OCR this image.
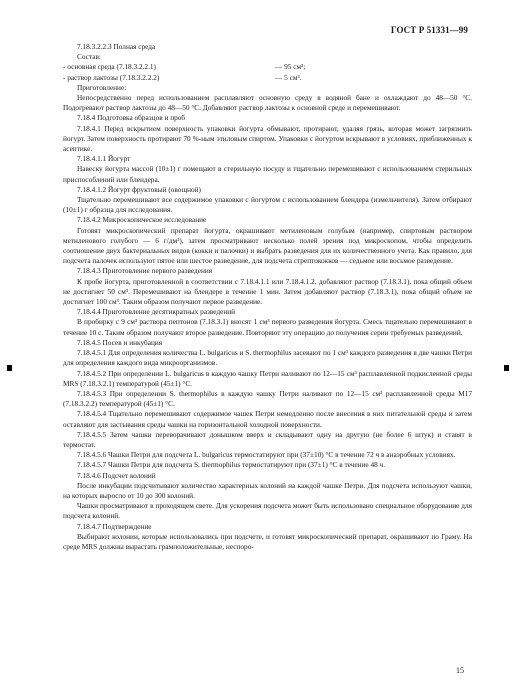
ГОСТ Р 51331—99

7.18.3.2.2.3 Полная среда

Состав:

- основная среда (7.18.3.2.2.1)	— 95 см³;
- раствор лактозы (7.18.3.2.2.2)	— 5 см³.

Приготовление:

Непосредственно перед использованием расплавляют основную среду в водяной бане и охлаждают до 48—50 °С. Подогревают раствор лактозы до 48—50 °С. Добавляют раствор лактозы к основной среде и перемешивают.

7.18.4 Подготовка образцов и проб

7.18.4.1 Перед вскрытием поверхность упаковки йогурта обмывают, протирают, удаляя грязь, которая может загрязнить йогурт. Затем поверхность протирают 70 %-ным этиловым спиртом. Упаковки с йогуртом вскрывают в условиях, приближенных к асептике.

7.18.4.1.1 Йогурт

Навеску йогурта массой (10±1) г помещают в стерильную посуду и тщательно перемешивают с использованием стерильных приспособлений или блендера.

7.18.4.1.2 Йогурт фруктовый (овощной)

Тщательно перемешивают все содержимое упаковки с йогуртом с использованием блендера (измельчителя). Затем отбирают (10±1) г образца для исследования.

7.18.4.2 Микроскопическое исследование

Готовят микроскопический препарат йогурта, окрашивают метиленовым голубым (например, спиртовым раствором метиленового голубого — 6 г/дм³), затем просматривают несколько полей зрения под микроскопом, чтобы определить соотношение двух бактериальных видов (кокки и палочки) и выбрать разведения для их количественного учета. Как правило, для подсчета палочек используют пятое или шестое разведение, для подсчета стрептококков — седьмое или восьмое разведение.

7.18.4.3 Приготовление первого разведения

К пробе йогурта, приготовленной в соответствии с 7.18.4.1.1 или 7.18.4.1.2, добавляют раствор (7.18.3.1), пока общий объем не достигнет 50 см³. Перемешивают на блендере в течение 1 мин. Затем добавляют раствор (7.18.3.1), пока общий объем не достигнет 100 см³. Таким образом получают первое разведение.

7.18.4.4 Приготовление десятикратных разведений

В пробирку с 9 см³ раствора пептонов (7.18.3.1) вносят 1 см³ первого разведения йогурта. Смесь тщательно перемешивают в течение 10 с. Таким образом получают второе разведение. Повторяют эту операцию до получения серии требуемых разведений.

7.18.4.5 Посев и инкубация

7.18.4.5.1 Для определения количества L. bulgaricus и S. thermophilus засевают по 1 см³ каждого разведения в две чашки Петри для определения каждого вида микроорганизмов.

7.18.4.5.2 При определении L. bulgaricus в каждую чашку Петри наливают по 12—15 см³ расплавленной подкисленной среды MRS (7.18.3.2.1) температурой (45±1) °С.

7.18.4.5.3 При определении S. thermophilus в каждую чашку Петри наливают по 12—15 см³ расплавленной среды M17 (7.18.3.2.2) температурой (45±1) °С.

7.18.4.5.4 Тщательно перемешивают содержимое чашек Петри немедленно после внесения в них питательной среды и затем оставляют для застывания среды чашки на горизонтальной холодной поверхности.

7.18.4.5.5 Затем чашки переворачивают донышком вверх и складывают одну на другую (не более 6 штук) и ставят в термостат.

7.18.4.5.6 Чашки Петри для подсчета L. bulgaricus термостатируют при (37±10) °С в течение 72 ч в анаэробных условиях.

7.18.4.5.7 Чашки Петри для подсчета S. thermophilus термостатируют при (37±1) °С в течение 48 ч.

7.18.4.6 Подсчет колоний

После инкубации подсчитывают количество характерных колоний на каждой чашке Петри. Для подсчета используют чашки, на которых выросло от 10 до 300 колоний.

Чашки просматривают в проходящем свете. Для ускорения подсчета может быть использовано специальное оборудование для подсчета колоний.

7.18.4.7 Подтверждение

Выбирают колонии, которые использовались при подсчете, и готовят микроскопический препарат, окрашивают по Граму. На среде MRS должны вырастать грамположительные, неспоро-

15
